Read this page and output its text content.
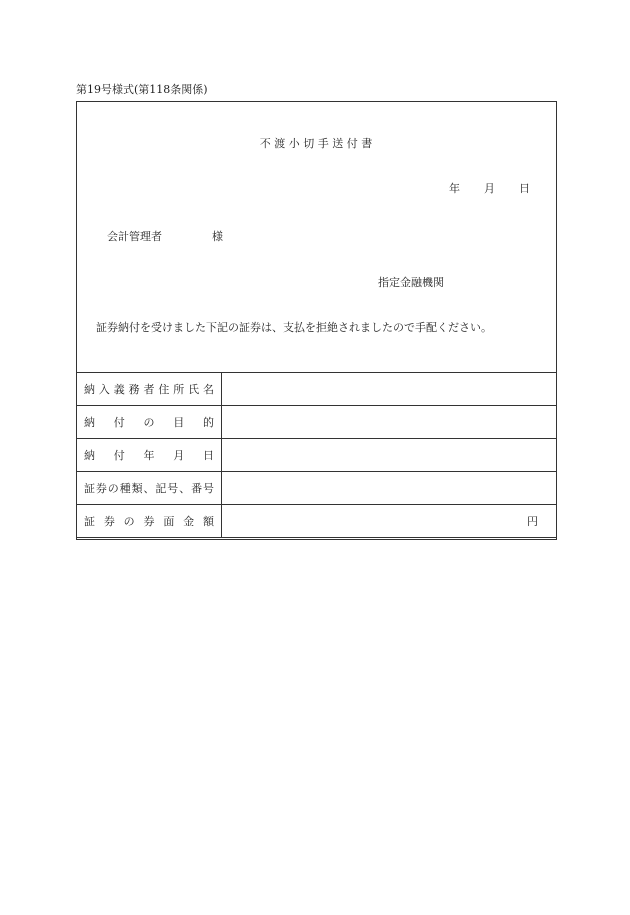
第19号様式(第118条関係)
不 渡 小 切 手 送 付 書
年 月 日
会計管理者	様
指定金融機関
証券納付を受けました下記の証券は、支払を拒絶されましたので手配ください。
納入義務者住所氏名	
納付の目的	
納付年月日	
証券の種類、記号、番号	
証券の券面金額	円
